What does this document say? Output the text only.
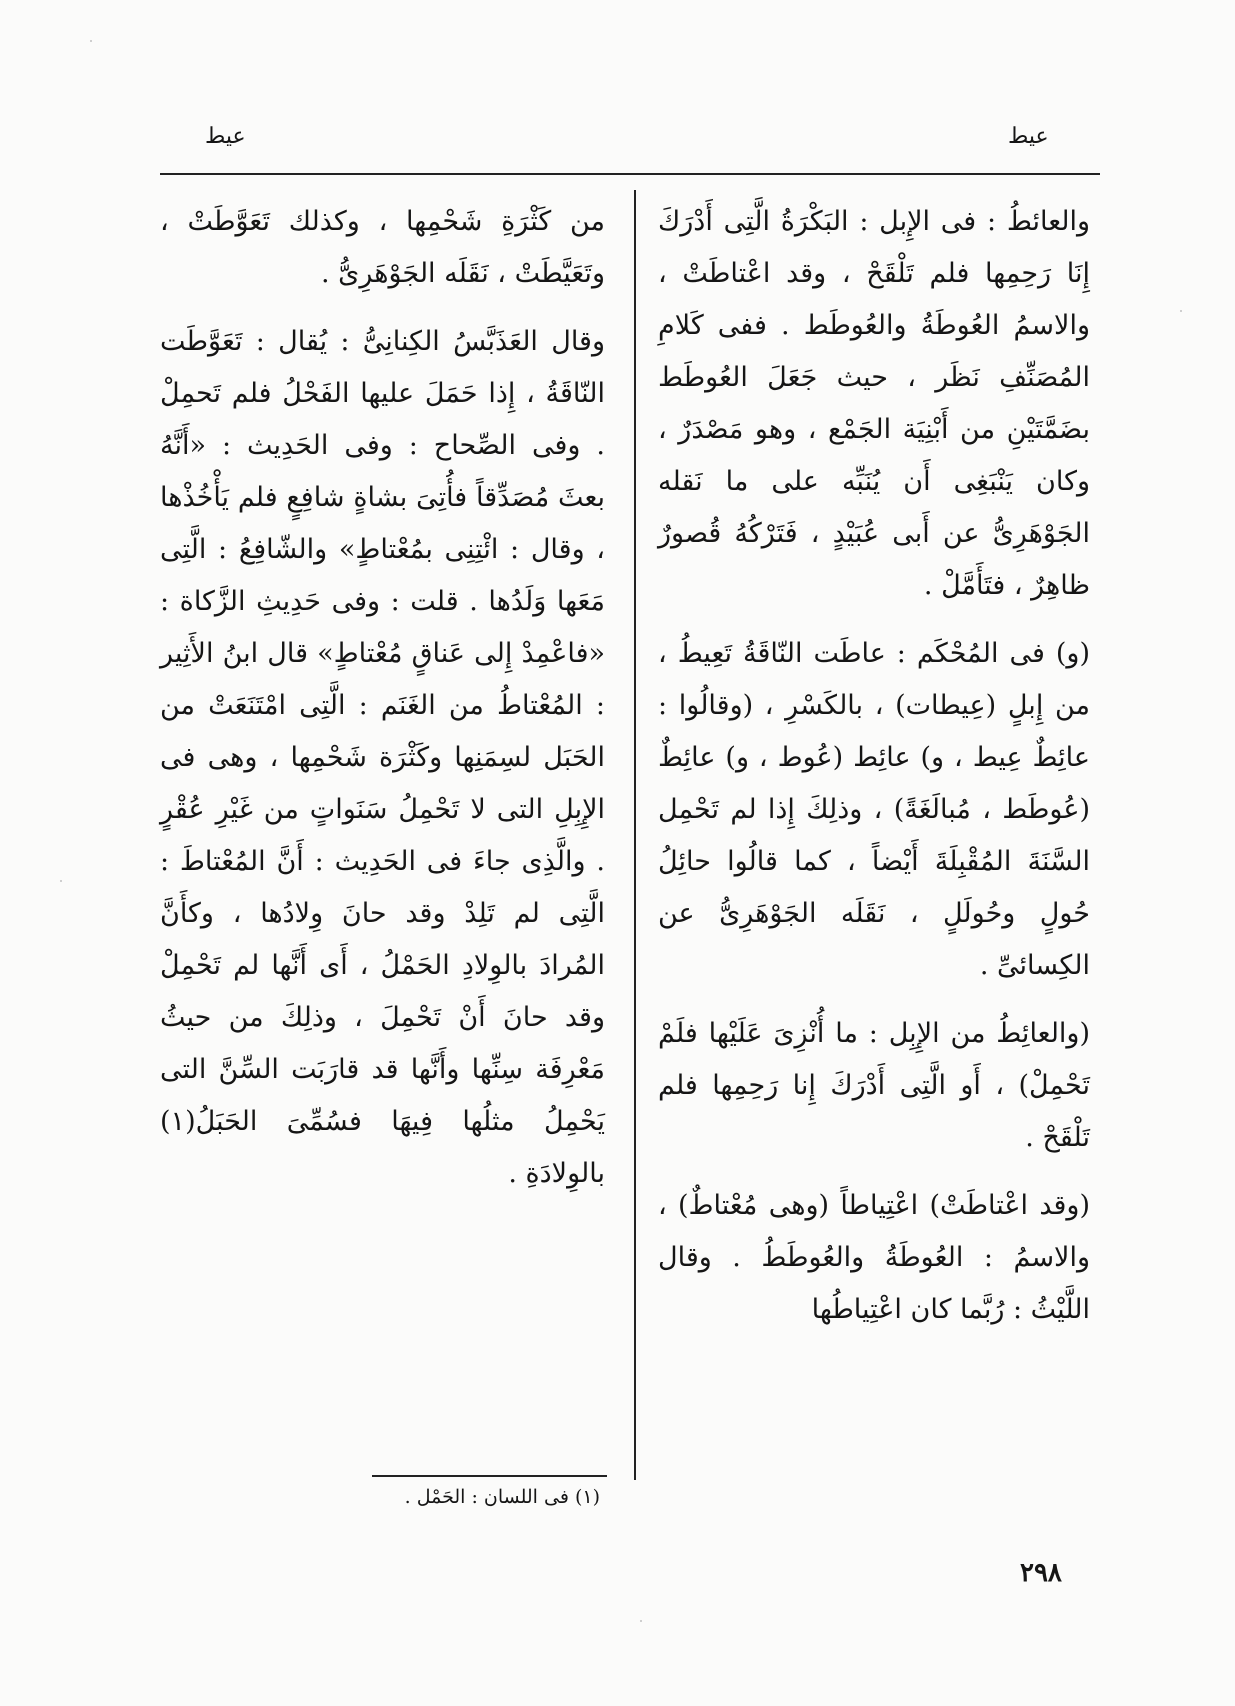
عيط	عيط

والعائطُ : فى الإِبل : البَكْرَةُ الَّتِى أَدْرَكَ إِنَا رَحِمِها فلم تَلْقَحْ ، وقد اعْتاطَتْ ، والاسمُ العُوطَةُ والعُوطَط . ففى كَلامِ المُصَنِّفِ نَظَر ، حيث جَعَلَ العُوطَط بضَمَّتَيْنِ من أَبْنِيَة الجَمْع ، وهو مَصْدَرٌ ، وكان يَنْبَغِى أَن يُنَبِّه على ما نَقله الجَوْهَرِىُّ عن أَبى عُبَيْدٍ ، فَتَرْكُهُ قُصورٌ ظاهِرٌ ، فتَأَمَّلْ .

(و) فى المُحْكَم : عاطَت النّاقَةُ تَعِيطُ ، من إِبلٍ (عِيطات) ، بالكَسْرِ ، (وقالُوا : عائِطٌ عِيط ، و) عائِط (عُوط ، و) عائِطٌ (عُوطَط ، مُبالَغَةً) ، وذلِكَ إِذا لم تَحْمِل السَّنَةَ المُقْبِلَةَ أَيْضاً ، كما قالُوا حائِلُ حُولٍ وحُولَلٍ ، نَقَلَه الجَوْهَرِىُّ عن الكِسائىِّ .

(والعائِطُ من الإِبِل : ما أُنْزِىَ عَلَيْها فلَمْ تَحْمِلْ) ، أَو الَّتِى أَدْرَكَ إِنا رَحِمِها فلم تَلْقَحْ .

(وقد اعْتاطَتْ) اعْتِياطاً (وهى مُعْتاطٌ) ، والاسمُ : العُوطَةُ والعُوطَطُ . وقال اللَّيْثُ : رُبَّما كان اعْتِياطُها

من كَثْرَةِ شَحْمِها ، وكذلك تَعَوَّطَتْ ، وتَعَيَّطَتْ ، نَقَلَه الجَوْهَرِىُّ .

وقال العَذَبَّسُ الكِنانِىُّ : يُقال : تَعَوَّطَت النّاقَةُ ، إِذا حَمَلَ عليها الفَحْلُ فلم تَحمِلْ . وفى الصِّحاح : وفى الحَدِيث : «أَنَّهُ بعثَ مُصَدِّقاً فأُتِىَ بشاةٍ شافِعٍ فلم يَأْخُذْها ، وقال : ائْتِنِى بمُعْتاطٍ» والشّافِعُ : الَّتِى مَعَها وَلَدُها . قلت : وفى حَدِيثِ الزَّكاة : «فاعْمِدْ إِلى عَناقٍ مُعْتاطٍ» قال ابنُ الأَثِير : المُعْتاطُ من الغَنَم : الَّتِى امْتَنَعَتْ من الحَبَل لسِمَنِها وكَثْرَة شَحْمِها ، وهى فى الإِبِلِ التى لا تَحْمِلُ سَنَواتٍ من غَيْرِ عُقْرٍ . والَّذِى جاءَ فى الحَدِيث : أَنَّ المُعْتاطَ : الَّتِى لم تَلِدْ وقد حانَ وِلادُها ، وكأَنَّ المُرادَ بالوِلادِ الحَمْلُ ، أَى أَنَّها لم تَحْمِلْ وقد حانَ أَنْ تَحْمِلَ ، وذلِكَ من حيثُ مَعْرِفَة سِنِّها وأَنَّها قد قارَبَت السِّنَّ التى يَحْمِلُ مثلُها فِيهَا فسُمِّىَ الحَبَلُ(١) بالوِلادَةِ .

(١) فى اللسان : الحَمْل .
٢٩٨
